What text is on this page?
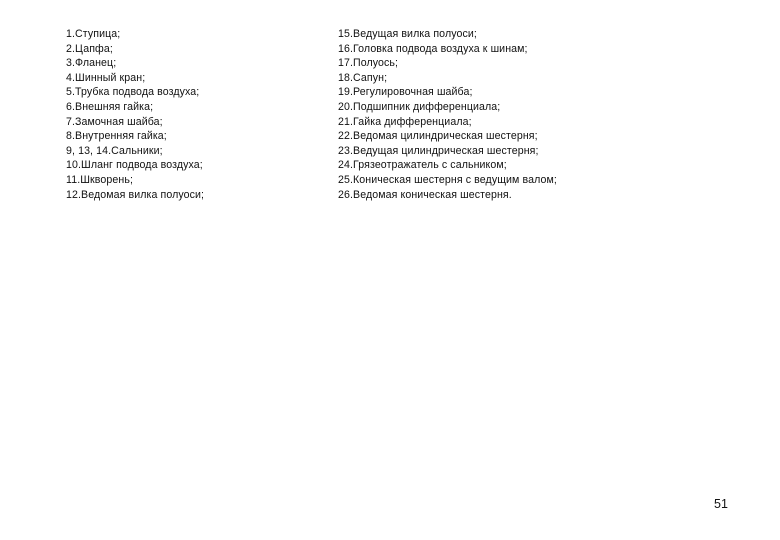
1.Ступица;
2.Цапфа;
3.Фланец;
4.Шинный кран;
5.Трубка подвода воздуха;
6.Внешняя гайка;
7.Замочная шайба;
8.Внутренняя гайка;
9, 13, 14.Сальники;
10.Шланг подвода воздуха;
11.Шкворень;
12.Ведомая вилка полуоси;
15.Ведущая вилка полуоси;
16.Головка подвода воздуха к шинам;
17.Полуось;
18.Сапун;
19.Регулировочная шайба;
20.Подшипник дифференциала;
21.Гайка дифференциала;
22.Ведомая цилиндрическая шестерня;
23.Ведущая цилиндрическая шестерня;
24.Грязеотражатель с сальником;
25.Коническая шестерня с ведущим валом;
26.Ведомая коническая шестерня.
51
